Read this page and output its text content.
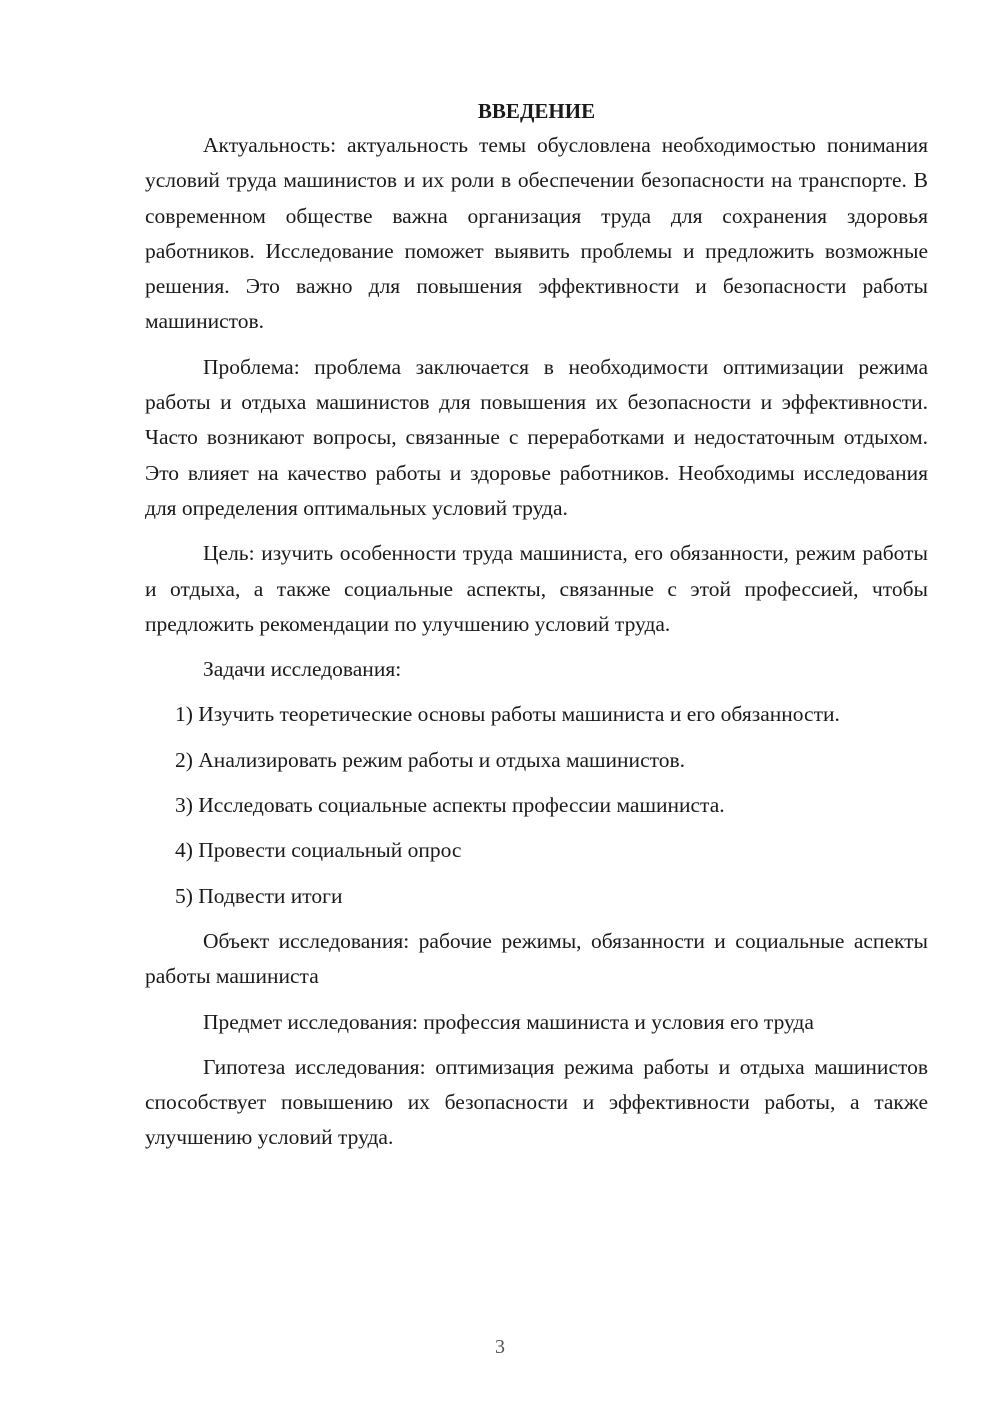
ВВЕДЕНИЕ

Актуальность: актуальность темы обусловлена необходимостью понимания условий труда машинистов и их роли в обеспечении безопасности на транспорте. В современном обществе важна организация труда для сохранения здоровья работников. Исследование поможет выявить проблемы и предложить возможные решения. Это важно для повышения эффективности и безопасности работы машинистов.

Проблема: проблема заключается в необходимости оптимизации режима работы и отдыха машинистов для повышения их безопасности и эффективности. Часто возникают вопросы, связанные с переработками и недостаточным отдыхом. Это влияет на качество работы и здоровье работников. Необходимы исследования для определения оптимальных условий труда.

Цель: изучить особенности труда машиниста, его обязанности, режим работы и отдыха, а также социальные аспекты, связанные с этой профессией, чтобы предложить рекомендации по улучшению условий труда.

Задачи исследования:

1) Изучить теоретические основы работы машиниста и его обязанности.

2) Анализировать режим работы и отдыха машинистов.

3) Исследовать социальные аспекты профессии машиниста.

4) Провести социальный опрос

5) Подвести итоги

Объект исследования: рабочие режимы, обязанности и социальные аспекты работы машиниста

Предмет исследования: профессия машиниста и условия его труда

Гипотеза исследования: оптимизация режима работы и отдыха машинистов способствует повышению их безопасности и эффективности работы, а также улучшению условий труда.

3
